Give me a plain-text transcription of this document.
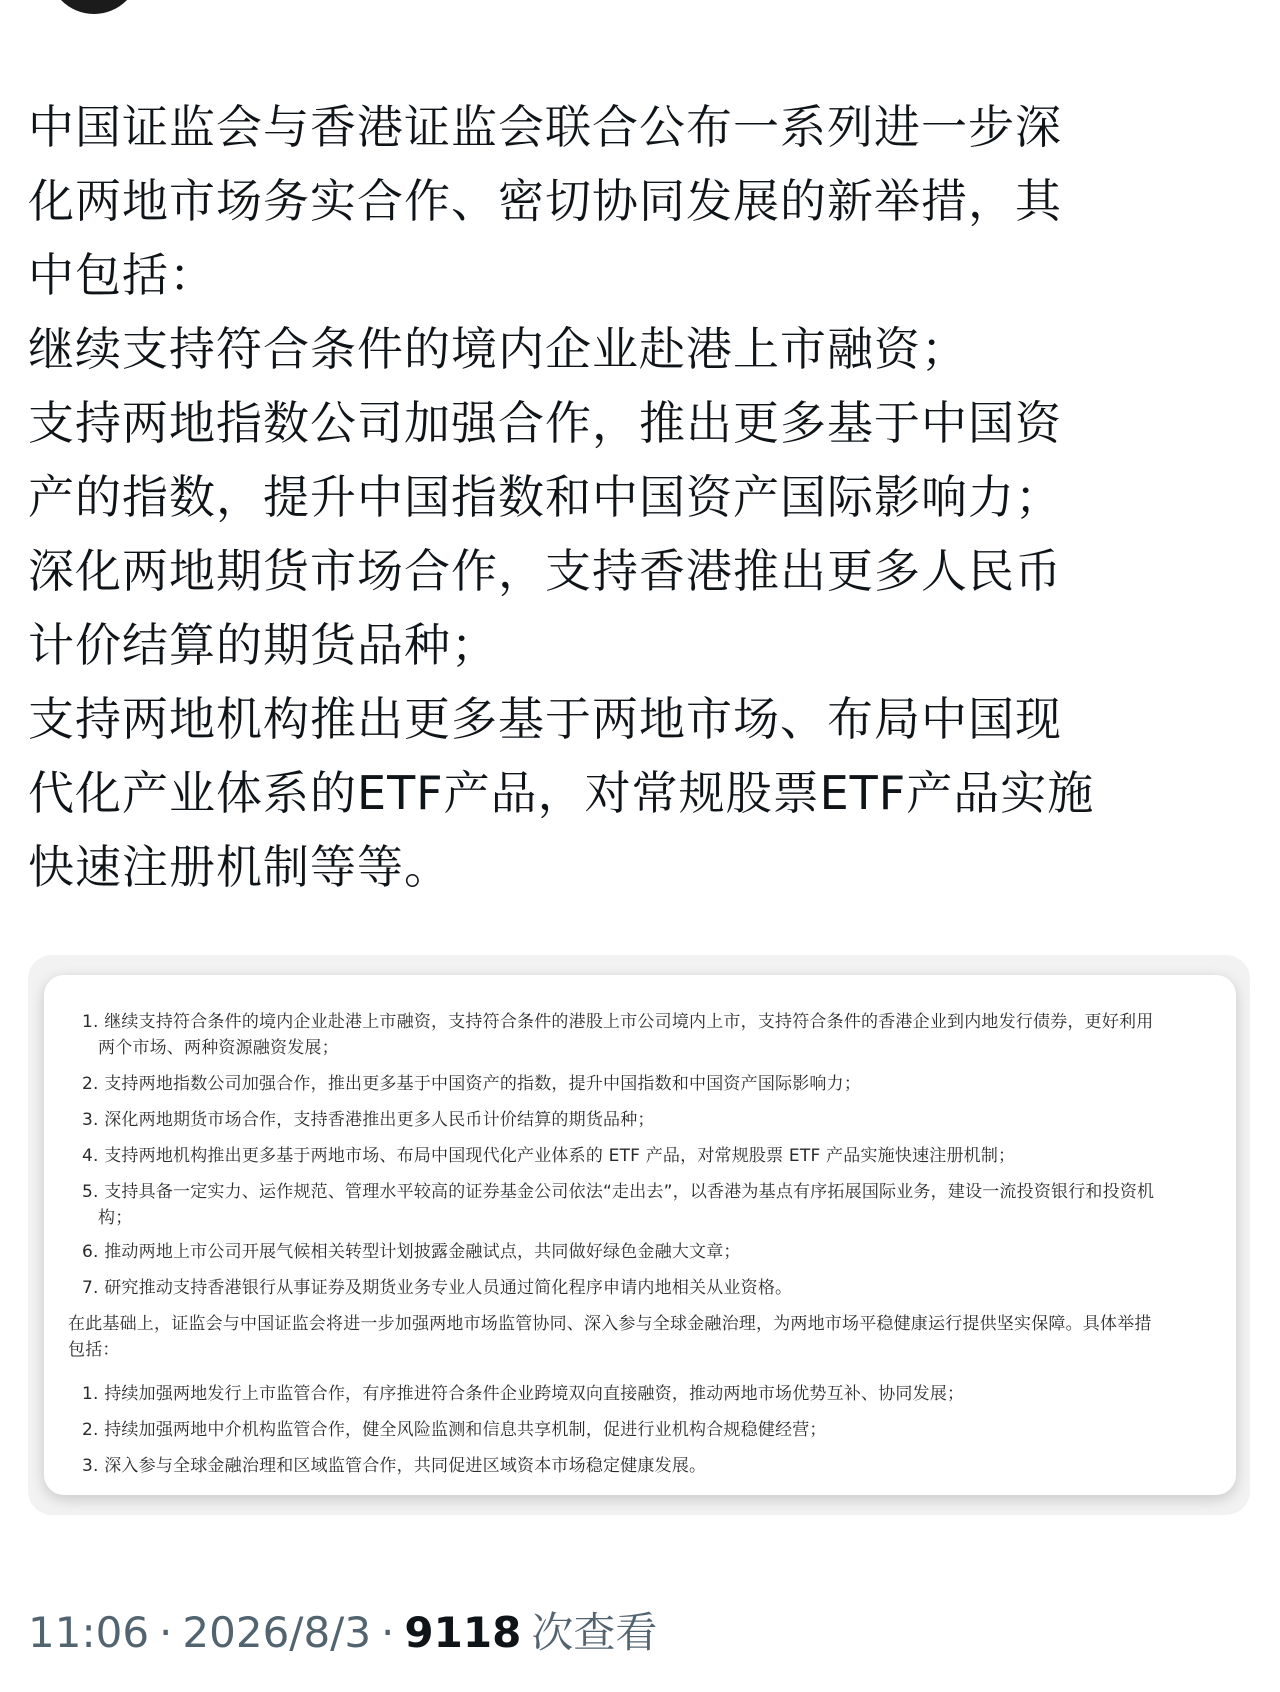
中国证监会与香港证监会联合公布一系列进一步深
化两地市场务实合作、密切协同发展的新举措，其
中包括：
继续支持符合条件的境内企业赴港上市融资；
支持两地指数公司加强合作，推出更多基于中国资
产的指数，提升中国指数和中国资产国际影响力；
深化两地期货市场合作，支持香港推出更多人民币
计价结算的期货品种；
支持两地机构推出更多基于两地市场、布局中国现
代化产业体系的ETF产品，对常规股票ETF产品实施
快速注册机制等等。
1. 继续支持符合条件的境内企业赴港上市融资，支持符合条件的港股上市公司境内上市，支持符合条件的香港企业到内地发行债券，更好利用
两个市场、两种资源融资发展；
2. 支持两地指数公司加强合作，推出更多基于中国资产的指数，提升中国指数和中国资产国际影响力；
3. 深化两地期货市场合作，支持香港推出更多人民币计价结算的期货品种；
4. 支持两地机构推出更多基于两地市场、布局中国现代化产业体系的 ETF 产品，对常规股票 ETF 产品实施快速注册机制；
5. 支持具备一定实力、运作规范、管理水平较高的证券基金公司依法“走出去”，以香港为基点有序拓展国际业务，建设一流投资银行和投资机
构；
6. 推动两地上市公司开展气候相关转型计划披露金融试点，共同做好绿色金融大文章；
7. 研究推动支持香港银行从事证券及期货业务专业人员通过简化程序申请内地相关从业资格。
在此基础上，证监会与中国证监会将进一步加强两地市场监管协同、深入参与全球金融治理，为两地市场平稳健康运行提供坚实保障。具体举措
包括：
1. 持续加强两地发行上市监管合作，有序推进符合条件企业跨境双向直接融资，推动两地市场优势互补、协同发展；
2. 持续加强两地中介机构监管合作，健全风险监测和信息共享机制，促进行业机构合规稳健经营；
3. 深入参与全球金融治理和区域监管合作，共同促进区域资本市场稳定健康发展。
11:06 · 2026/8/3 · 9118 次查看
